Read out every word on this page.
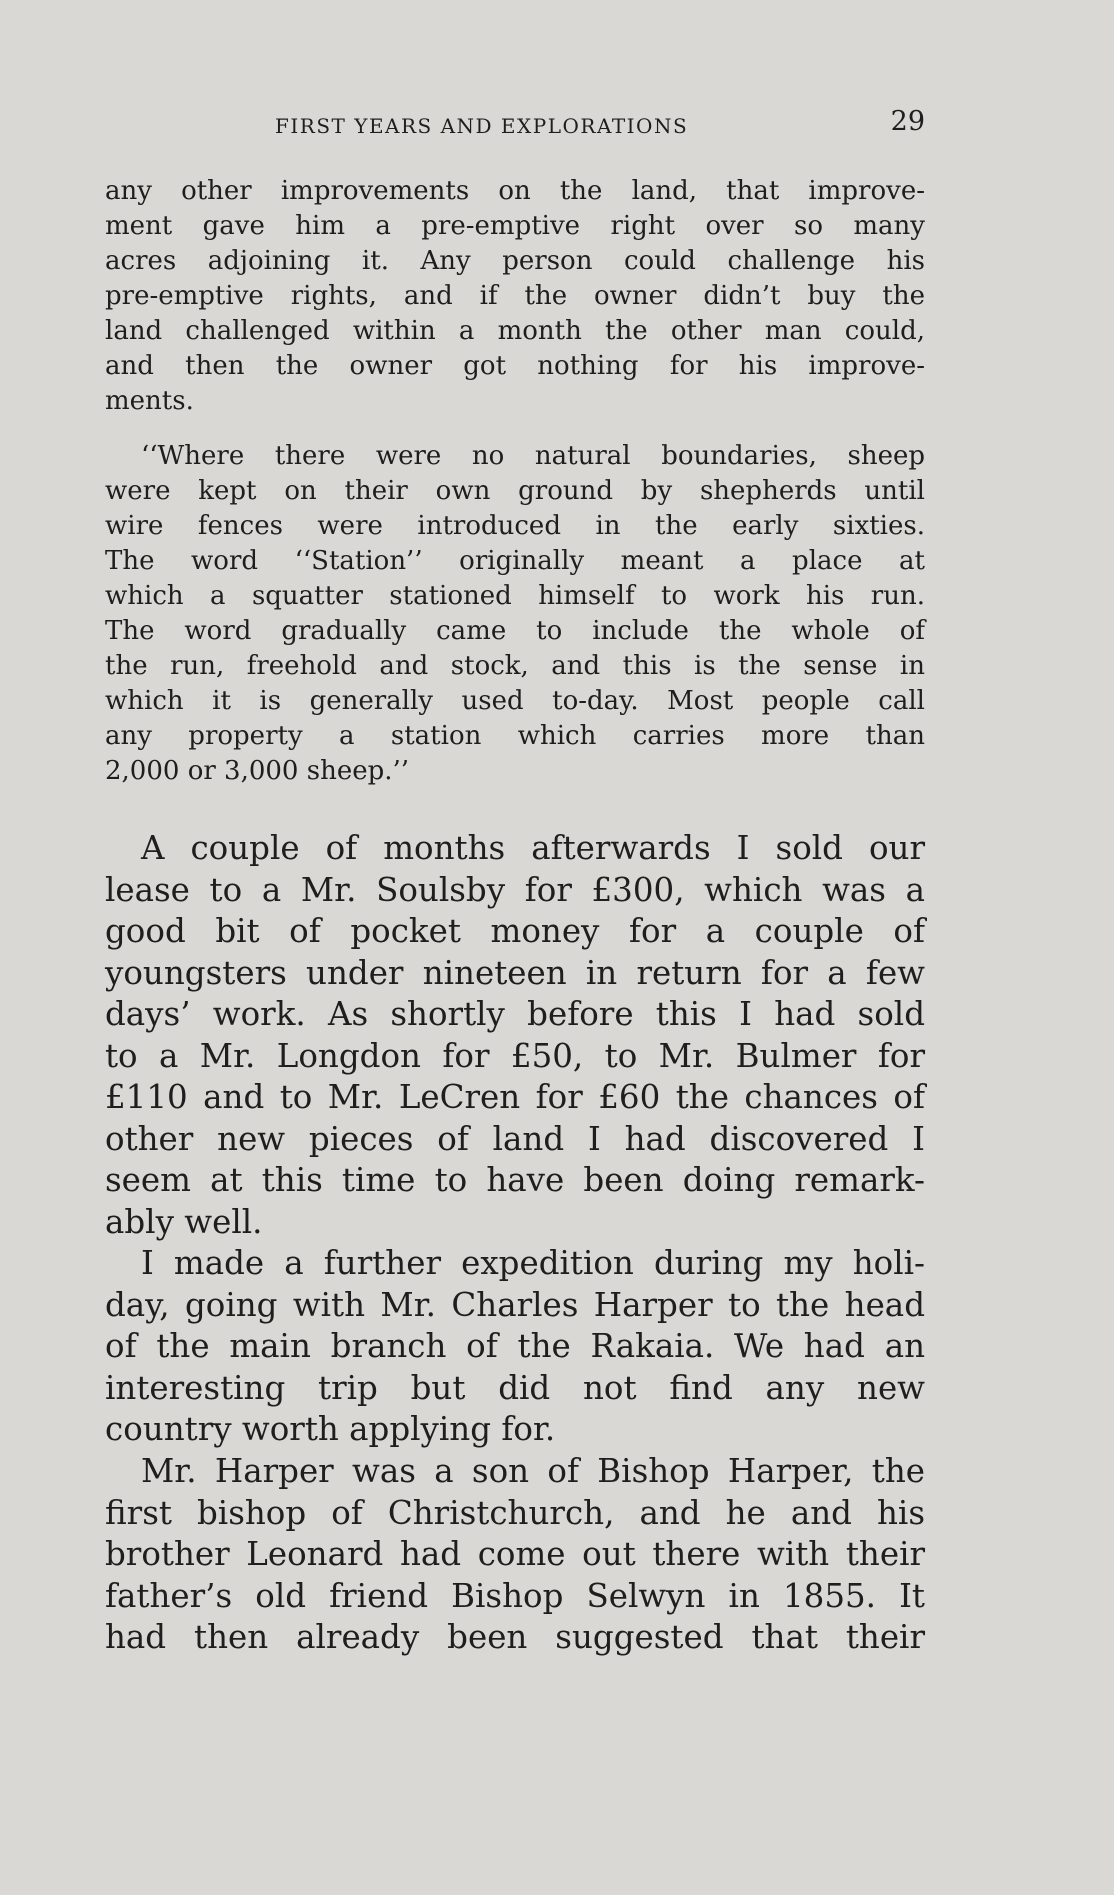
FIRST YEARS AND EXPLORATIONS	29
any other improvements on the land, that improve-
ment gave him a pre-emptive right over so many
acres adjoining it. Any person could challenge his
pre-emptive rights, and if the owner didn’t buy the
land challenged within a month the other man could,
and then the owner got nothing for his improve-
ments.
‘‘Where there were no natural boundaries, sheep
were kept on their own ground by shepherds until
wire fences were introduced in the early sixties.
The word ‘‘Station’’ originally meant a place at
which a squatter stationed himself to work his run.
The word gradually came to include the whole of
the run, freehold and stock, and this is the sense in
which it is generally used to-day. Most people call
any property a station which carries more than
2,000 or 3,000 sheep.’’
A couple of months afterwards I sold our
lease to a Mr. Soulsby for £300, which was a
good bit of pocket money for a couple of
youngsters under nineteen in return for a few
days’ work. As shortly before this I had sold
to a Mr. Longdon for £50, to Mr. Bulmer for
£110 and to Mr. LeCren for £60 the chances of
other new pieces of land I had discovered I
seem at this time to have been doing remark-
ably well.
I made a further expedition during my holi-
day, going with Mr. Charles Harper to the head
of the main branch of the Rakaia. We had an
interesting trip but did not find any new
country worth applying for.
Mr. Harper was a son of Bishop Harper, the
first bishop of Christchurch, and he and his
brother Leonard had come out there with their
father’s old friend Bishop Selwyn in 1855. It
had then already been suggested that their
